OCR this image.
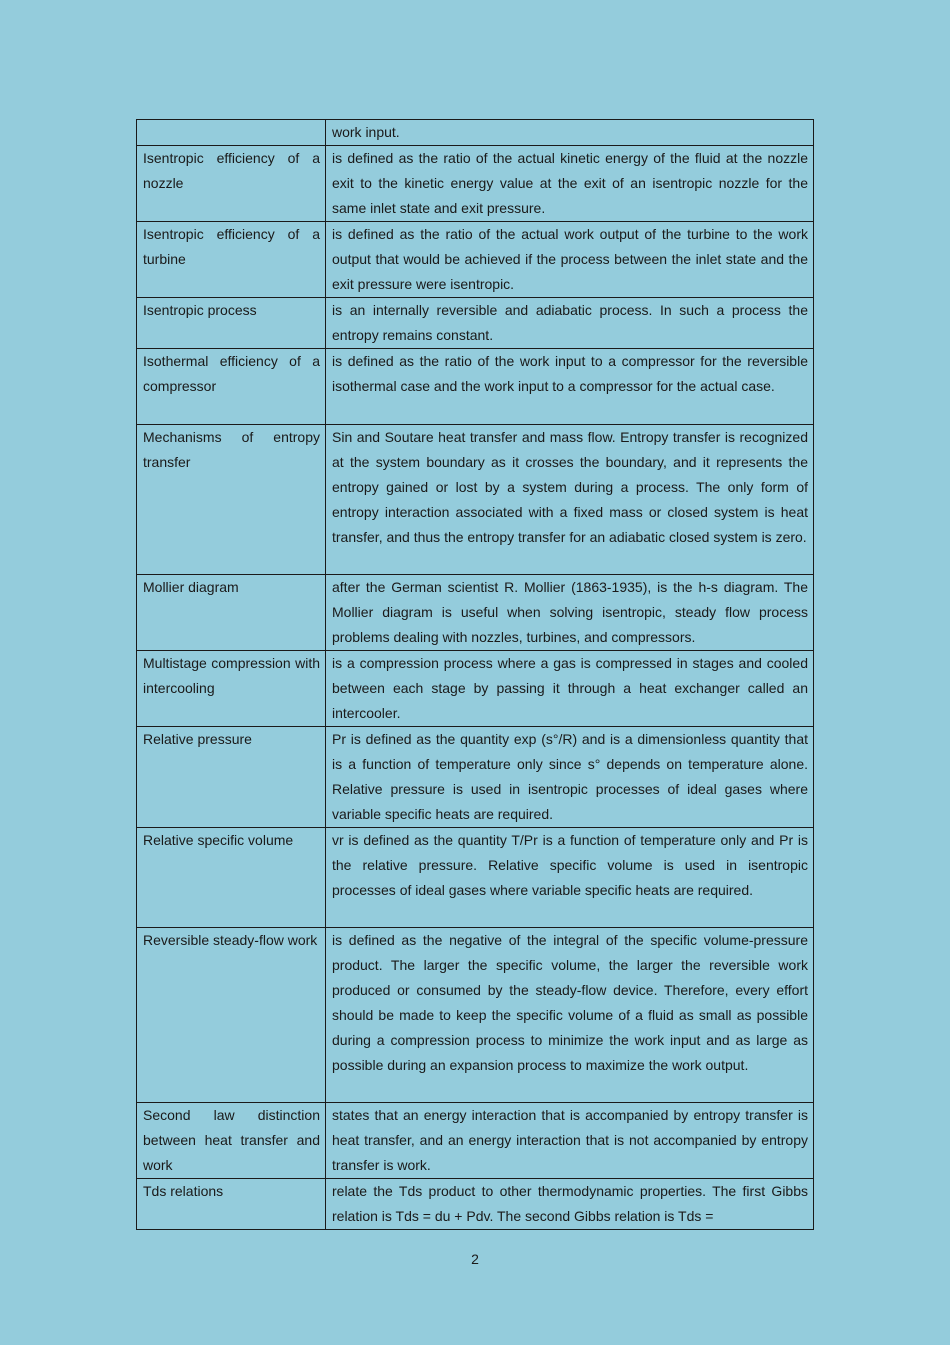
	work input.
Isentropic efficiency of a nozzle	is defined as the ratio of the actual kinetic energy of the fluid at the nozzle exit to the kinetic energy value at the exit of an isentropic nozzle for the same inlet state and exit pressure.
Isentropic efficiency of a turbine	is defined as the ratio of the actual work output of the turbine to the work output that would be achieved if the process between the inlet state and the exit pressure were isentropic.
Isentropic process	is an internally reversible and adiabatic process. In such a process the entropy remains constant.
Isothermal efficiency of a compressor	is defined as the ratio of the work input to a compressor for the reversible isothermal case and the work input to a compressor for the actual case.
Mechanisms of entropy transfer	Sin and Soutare heat transfer and mass flow. Entropy transfer is recognized at the system boundary as it crosses the boundary, and it represents the entropy gained or lost by a system during a process. The only form of entropy interaction associated with a fixed mass or closed system is heat transfer, and thus the entropy transfer for an adiabatic closed system is zero.
Mollier diagram	after the German scientist R. Mollier (1863-1935), is the h-s diagram. The Mollier diagram is useful when solving isentropic, steady flow process problems dealing with nozzles, turbines, and compressors.
Multistage compression with intercooling	is a compression process where a gas is compressed in stages and cooled between each stage by passing it through a heat exchanger called an intercooler.
Relative pressure	Pr is defined as the quantity exp (s°/R) and is a dimensionless quantity that is a function of temperature only since s° depends on temperature alone. Relative pressure is used in isentropic processes of ideal gases where variable specific heats are required.
Relative specific volume	vr is defined as the quantity T/Pr is a function of temperature only and Pr is the relative pressure. Relative specific volume is used in isentropic processes of ideal gases where variable specific heats are required.
Reversible steady-flow work	is defined as the negative of the integral of the specific volume-pressure product. The larger the specific volume, the larger the reversible work produced or consumed by the steady-flow device. Therefore, every effort should be made to keep the specific volume of a fluid as small as possible during a compression process to minimize the work input and as large as possible during an expansion process to maximize the work output.
Second law distinction between heat transfer and work	states that an energy interaction that is accompanied by entropy transfer is heat transfer, and an energy interaction that is not accompanied by entropy transfer is work.
Tds relations	relate the Tds product to other thermodynamic properties. The first Gibbs relation is Tds = du + Pdv. The second Gibbs relation is Tds =
2
